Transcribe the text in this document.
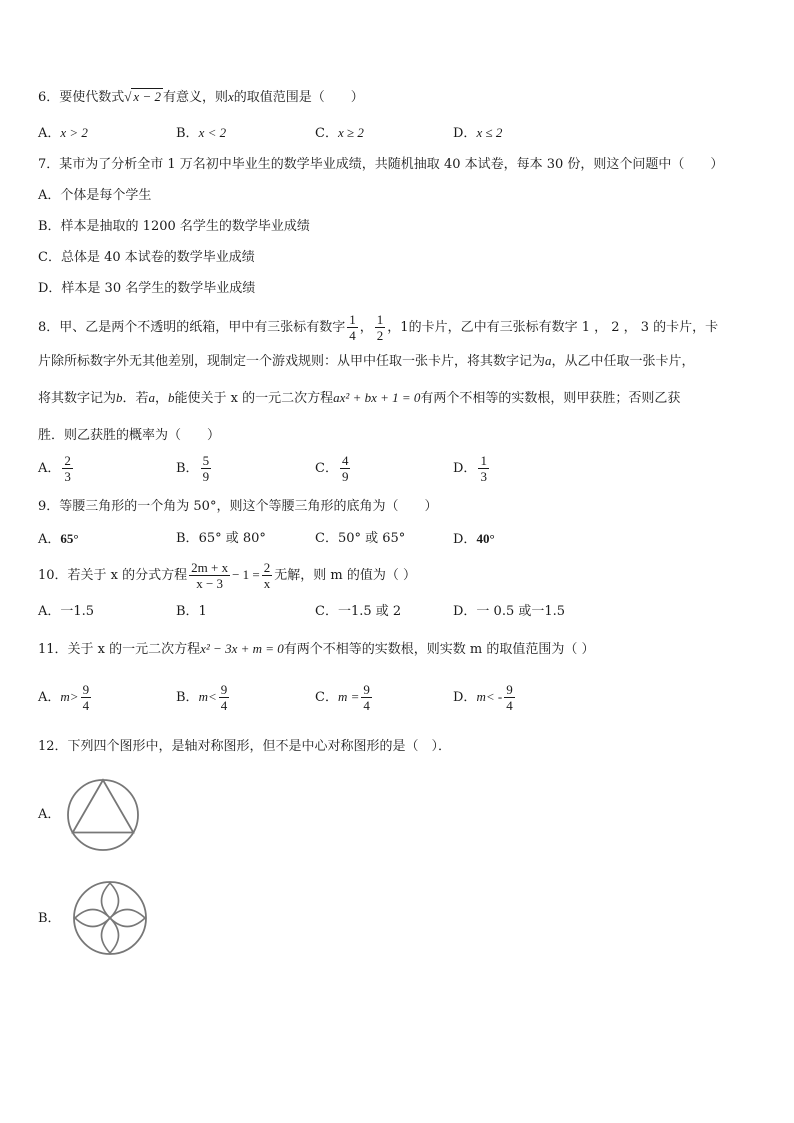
6．要使代数式√ x − 2 有意义，则x的取值范围是（　　）
A．x > 2	B．x < 2	C．x ≥ 2	D．x ≤ 2
7．某市为了分析全市 1 万名初中毕业生的数学毕业成绩，共随机抽取 40 本试卷，每本 30 份，则这个问题中（　　）
A．个体是每个学生
B．样本是抽取的 1200 名学生的数学毕业成绩
C．总体是 40 本试卷的数学毕业成绩
D．样本是 30 名学生的数学毕业成绩
8．甲、乙是两个不透明的纸箱，甲中有三张标有数字 $\frac{1}{4}$ ， $\frac{1}{2}$ ，1的卡片，乙中有三张标有数字 1 ， 2 ， 3 的卡片，卡
片除所标数字外无其他差别，现制定一个游戏规则：从甲中任取一张卡片，将其数字记为a，从乙中任取一张卡片，
将其数字记为b．若a，b能使关于 x 的一元二次方程ax² + bx + 1 = 0有两个不相等的实数根，则甲获胜；否则乙获
胜．则乙获胜的概率为（　　）
A． $\frac{2}{3}$	B． $\frac{5}{9}$	C． $\frac{4}{9}$	D． $\frac{1}{3}$
9．等腰三角形的一个角为 50°，则这个等腰三角形的底角为（　　）
A．65°	B．65° 或 80°	C．50° 或 65°	D．40°
10．若关于 x 的分式方程 $\frac{2m + x}{x - 3} - 1 = \frac{2}{x}$ 无解，则 m 的值为（ ）
A．一1.5	B．1	C．一1.5 或 2	D．一 0.5 或一1.5
11．关于 x 的一元二次方程x² − 3x + m = 0有两个不相等的实数根，则实数 m 的取值范围为（ ）
A．$m> \frac{9}{4}$	B．$m< \frac{9}{4}$	C．$m = \frac{9}{4}$	D．$m< - \frac{9}{4}$
12．下列四个图形中，是轴对称图形，但不是中心对称图形的是（　）．
A．
B．
